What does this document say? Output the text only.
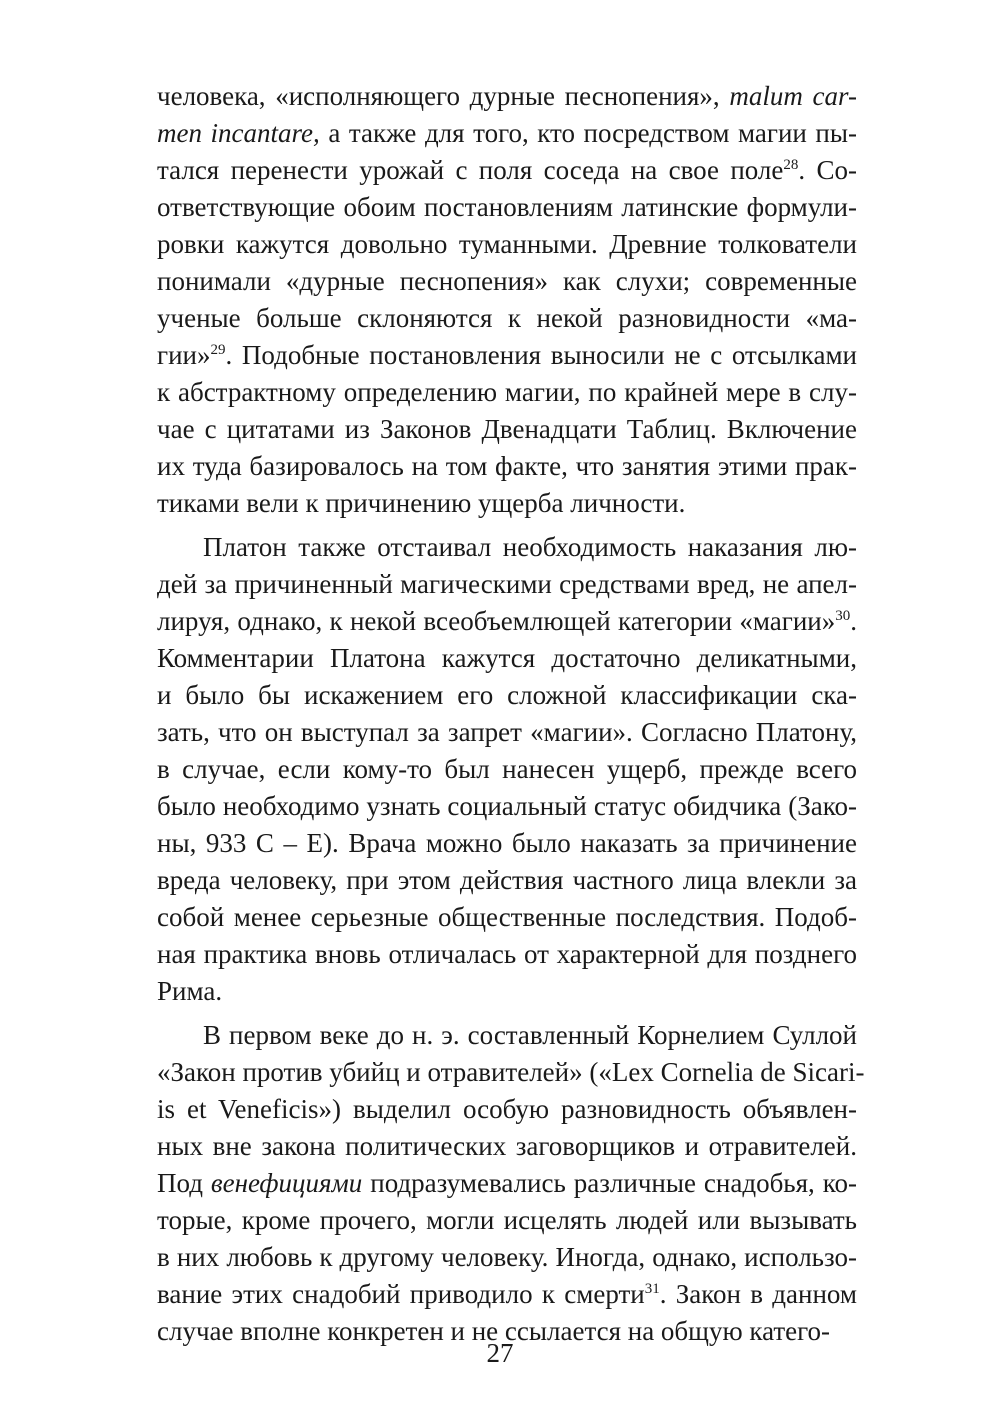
человека, «исполняющего дурные песнопения», malum car-
men incantare, а также для того, кто посредством магии пы-
тался перенести урожай с поля соседа на свое поле$^{28}$. Со-
ответствующие обоим постановлениям латинские формули-
ровки кажутся довольно туманными. Древние толкователи
понимали «дурные песнопения» как слухи; современные
ученые больше склоняются к некой разновидности «ма-
гии»$^{29}$. Подобные постановления выносили не с отсылками
к абстрактному определению магии, по крайней мере в слу-
чае с цитатами из Законов Двенадцати Таблиц. Включение
их туда базировалось на том факте, что занятия этими прак-
тиками вели к причинению ущерба личности.
Платон также отстаивал необходимость наказания лю-
дей за причиненный магическими средствами вред, не апел-
лируя, однако, к некой всеобъемлющей категории «магии»$^{30}$.
Комментарии Платона кажутся достаточно деликатными,
и было бы искажением его сложной классификации ска-
зать, что он выступал за запрет «магии». Согласно Платону,
в случае, если кому-то был нанесен ущерб, прежде всего
было необходимо узнать социальный статус обидчика (Зако-
ны, 933 C – E). Врача можно было наказать за причинение
вреда человеку, при этом действия частного лица влекли за
собой менее серьезные общественные последствия. Подоб-
ная практика вновь отличалась от характерной для позднего
Рима.
В первом веке до н. э. составленный Корнелием Суллой
«Закон против убийц и отравителей» («Lex Cornelia de Sicari-
is et Veneficis») выделил особую разновидность объявлен-
ных вне закона политических заговорщиков и отравителей.
Под венефициями подразумевались различные снадобья, ко-
торые, кроме прочего, могли исцелять людей или вызывать
в них любовь к другому человеку. Иногда, однако, использо-
вание этих снадобий приводило к смерти$^{31}$. Закон в данном
случае вполне конкретен и не ссылается на общую катего-
27
